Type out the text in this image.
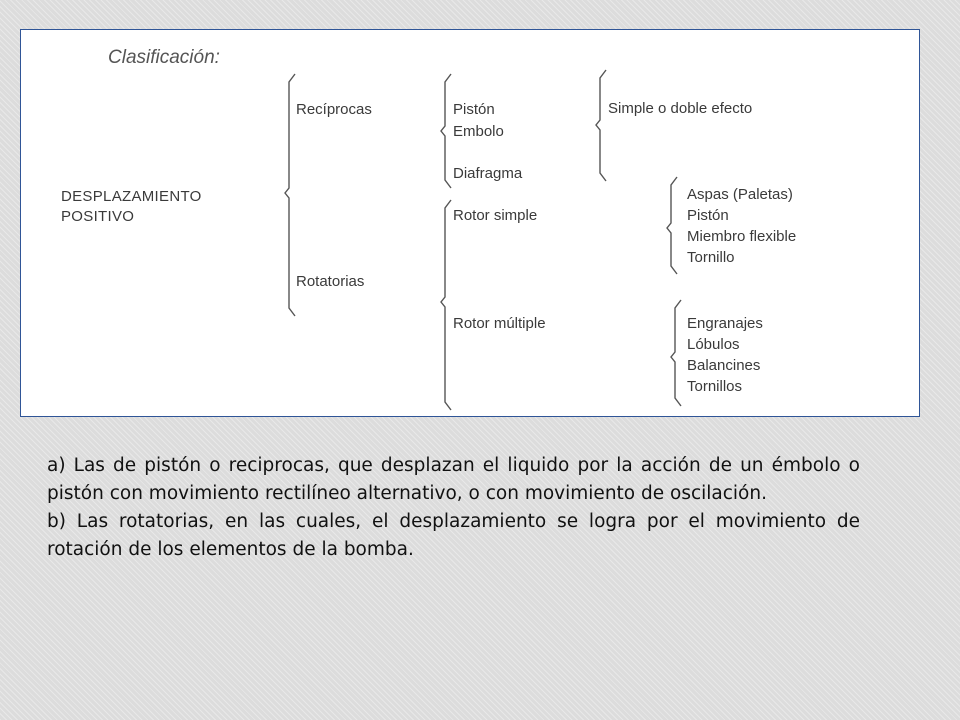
Clasificación:
DESPLAZAMIENTO
POSITIVO
Recíprocas
Rotatorias
Pistón
Embolo
Diafragma
Rotor simple
Rotor múltiple
Simple o doble efecto
Aspas (Paletas)
Pistón
Miembro flexible
Tornillo
Engranajes
Lóbulos
Balancines
Tornillos

a) Las de pistón o reciprocas, que desplazan el liquido por la acción de un émbolo o pistón con movimiento rectilíneo alternativo, o con movimiento de oscilación.

b) Las rotatorias, en las cuales, el desplazamiento se logra por el movimiento de rotación de los elementos de la bomba.
